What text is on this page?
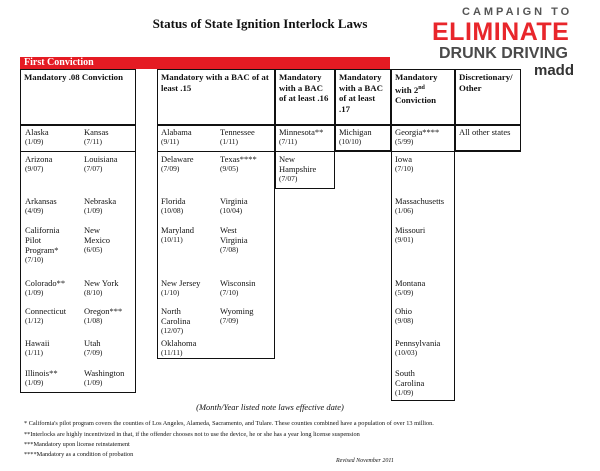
Status of State Ignition Interlock Laws
CAMPAIGN TO
ELIMINATE
DRUNK DRIVING
madd
First Conviction
Mandatory .08 Conviction	Mandatory with a BAC of at least .15
Mandatory with a BAC of at least .16
Mandatory with a BAC of at least .17
Mandatory with 2nd Conviction
Discretionary/ Other
Alaska
(1/09)
Arizona
(9/07)
Arkansas
(4/09)
California Pilot Program*
(7/10)
Colorado**
(1/09)
Connecticut
(1/12)
Hawaii
(1/11)
Illinois**
(1/09)
Kansas
(7/11)
Louisiana
(7/07)
Nebraska
(1/09)
New Mexico
(6/05)
New York
(8/10)
Oregon***
(1/08)
Utah
(7/09)
Washington
(1/09)
Alabama
(9/11)
Delaware
(7/09)
Florida
(10/08)
Maryland
(10/11)
New Jersey
(1/10)
North Carolina
(12/07)
Oklahoma
(11/11)
Tennessee
(1/11)
Texas****
(9/05)
Virginia
(10/04)
West Virginia
(7/08)
Wisconsin
(7/10)
Wyoming
(7/09)
Minnesota**
(7/11)
New Hampshire
(7/07)
Michigan
(10/10)
Georgia****
(5/99)
Iowa
(7/10)
Massachusetts
(1/06)
Missouri
(9/01)
Montana
(5/09)
Ohio
(9/08)
Pennsylvania
(10/03)
South Carolina
(1/09)
All other states
(Month/Year listed note laws effective date)
* California's pilot program covers the counties of Los Angeles, Alameda, Sacramento, and Tulare. These counties combined have a population of over 13 million.
**Interlocks are highly incentivized in that, if the offender chooses not to use the device, he or she has a year long license suspension
***Mandatory upon license reinstatement
****Mandatory as a condition of probation
Revised November 2011
